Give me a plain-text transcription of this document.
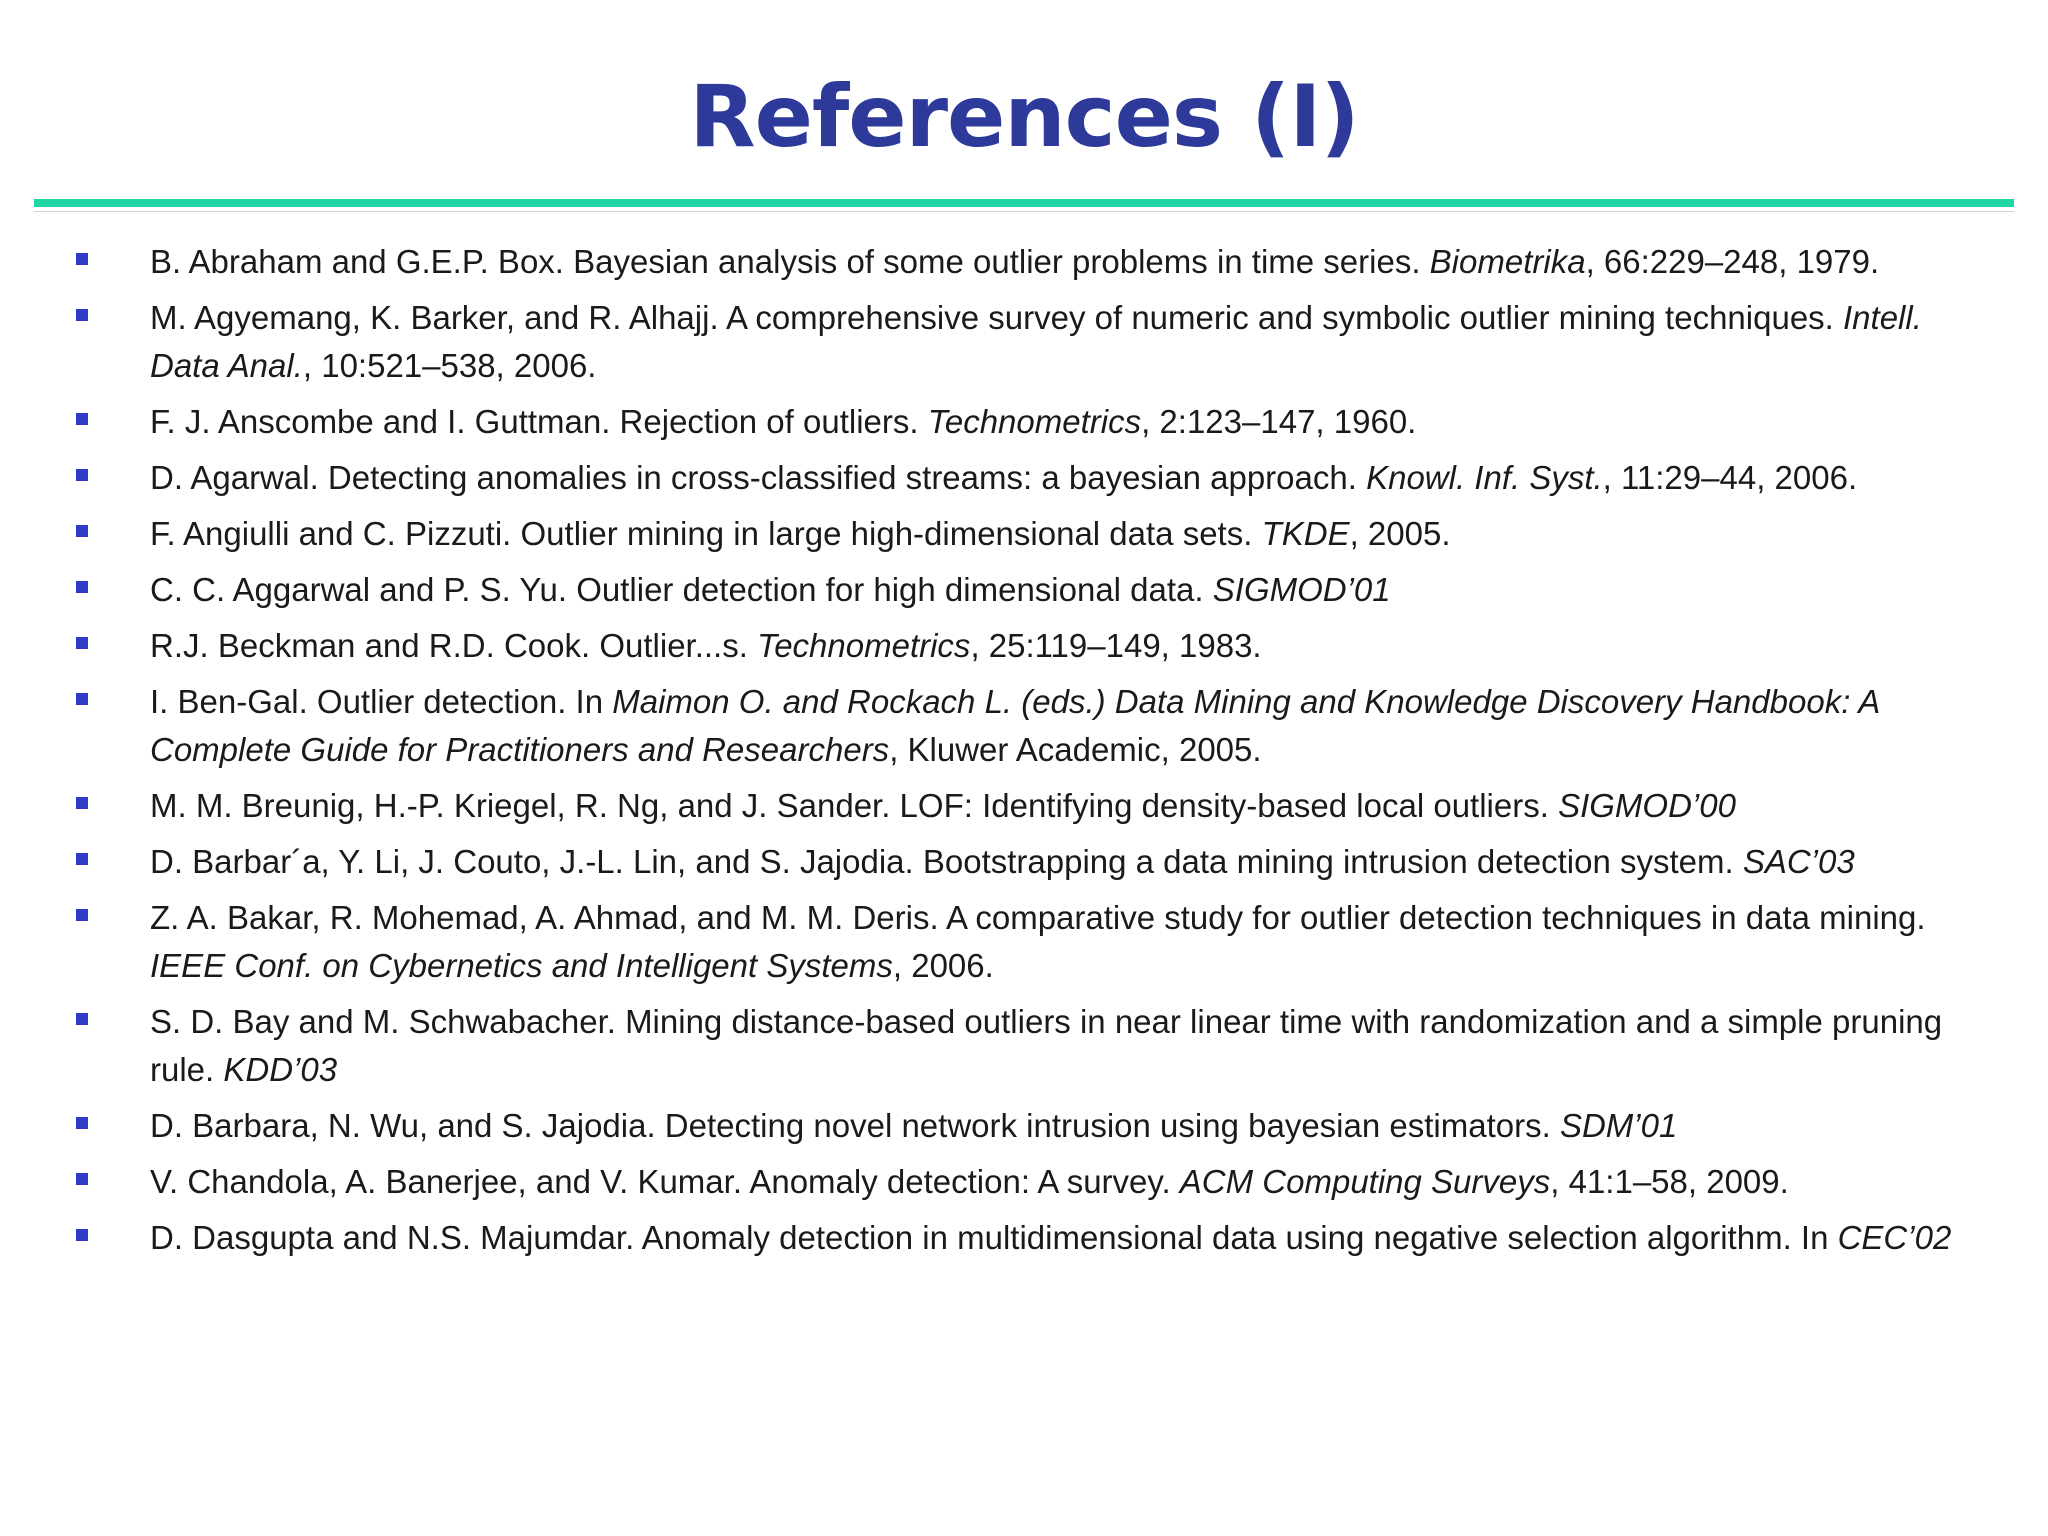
References (I)
B. Abraham and G.E.P. Box. Bayesian analysis of some outlier problems in time series. Biometrika, 66:229–248, 1979.
M. Agyemang, K. Barker, and R. Alhajj. A comprehensive survey of numeric and symbolic outlier mining techniques. Intell. Data Anal., 10:521–538, 2006.
F. J. Anscombe and I. Guttman. Rejection of outliers. Technometrics, 2:123–147, 1960.
D. Agarwal. Detecting anomalies in cross-classified streams: a bayesian approach. Knowl. Inf. Syst., 11:29–44, 2006.
F. Angiulli and C. Pizzuti. Outlier mining in large high-dimensional data sets. TKDE, 2005.
C. C. Aggarwal and P. S. Yu. Outlier detection for high dimensional data. SIGMOD’01
R.J. Beckman and R.D. Cook. Outlier...s. Technometrics, 25:119–149, 1983.
I. Ben-Gal. Outlier detection. In Maimon O. and Rockach L. (eds.) Data Mining and Knowledge Discovery Handbook: A Complete Guide for Practitioners and Researchers, Kluwer Academic, 2005.
M. M. Breunig, H.-P. Kriegel, R. Ng, and J. Sander. LOF: Identifying density-based local outliers. SIGMOD’00
D. Barbar´a, Y. Li, J. Couto, J.-L. Lin, and S. Jajodia. Bootstrapping a data mining intrusion detection system. SAC’03
Z. A. Bakar, R. Mohemad, A. Ahmad, and M. M. Deris. A comparative study for outlier detection techniques in data mining. IEEE Conf. on Cybernetics and Intelligent Systems, 2006.
S. D. Bay and M. Schwabacher. Mining distance-based outliers in near linear time with randomization and a simple pruning rule. KDD’03
D. Barbara, N. Wu, and S. Jajodia. Detecting novel network intrusion using bayesian estimators. SDM’01
V. Chandola, A. Banerjee, and V. Kumar. Anomaly detection: A survey. ACM Computing Surveys, 41:1–58, 2009.
D. Dasgupta and N.S. Majumdar. Anomaly detection in multidimensional data using negative selection algorithm. In CEC’02
